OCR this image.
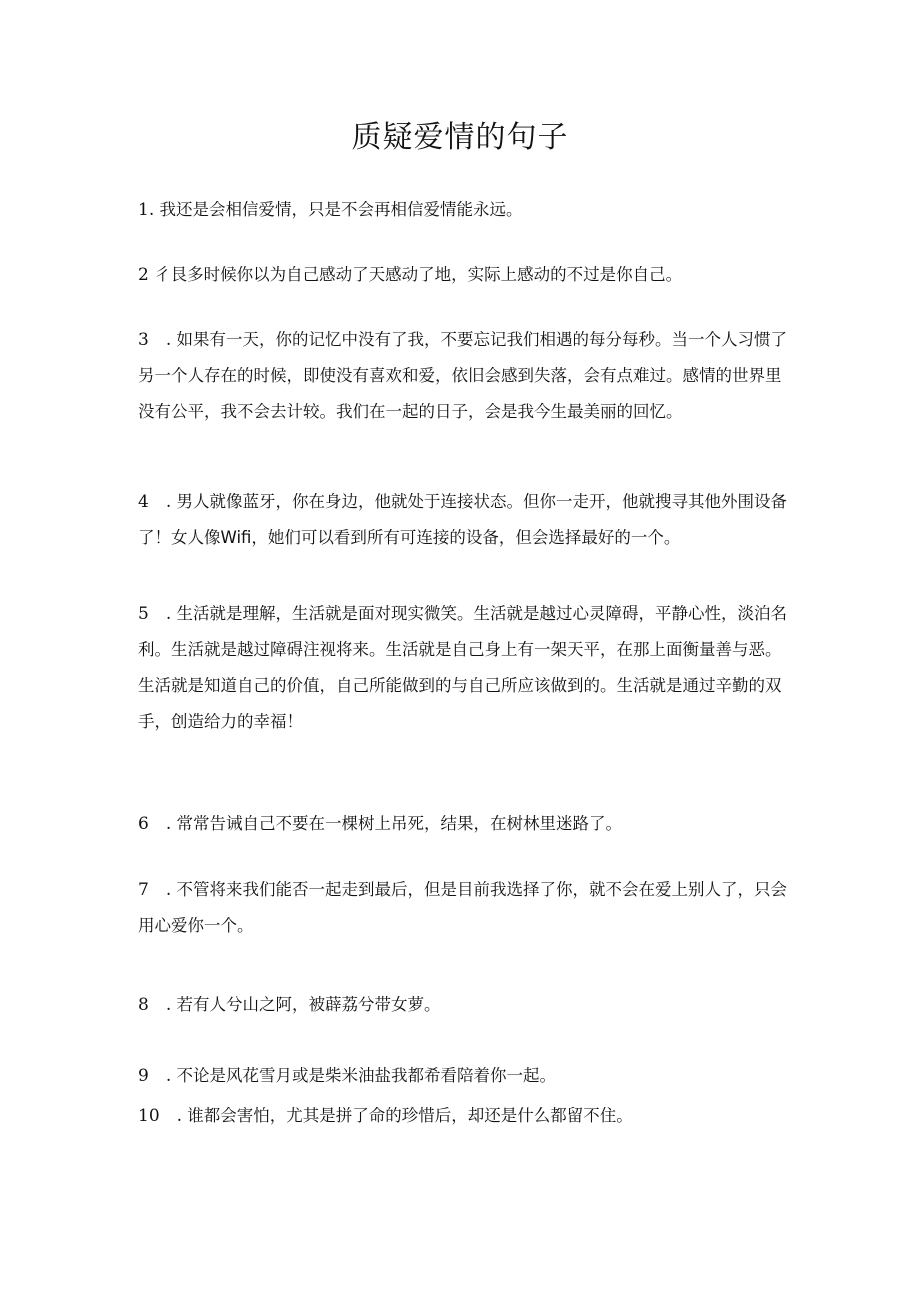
质疑爱情的句子

1. 我还是会相信爱情，只是不会再相信爱情能永远。

2 彳艮多时候你以为自己感动了天感动了地，实际上感动的不过是你自己。

3　. 如果有一天，你的记忆中没有了我，不要忘记我们相遇的每分每秒。当一个人习惯了另一个人存在的时候，即使没有喜欢和爱，依旧会感到失落，会有点难过。感情的世界里没有公平，我不会去计较。我们在一起的日子，会是我今生最美丽的回忆。

4　. 男人就像蓝牙，你在身边，他就处于连接状态。但你一走开，他就搜寻其他外围设备了！女人像Wifi，她们可以看到所有可连接的设备，但会选择最好的一个。

5　. 生活就是理解，生活就是面对现实微笑。生活就是越过心灵障碍，平静心性，淡泊名利。生活就是越过障碍注视将来。生活就是自己身上有一架天平，在那上面衡量善与恶。生活就是知道自己的价值，自己所能做到的与自己所应该做到的。生活就是通过辛勤的双手，创造给力的幸福！

6　. 常常告诫自己不要在一棵树上吊死，结果，在树林里迷路了。

7　. 不管将来我们能否一起走到最后，但是目前我选择了你，就不会在爱上别人了，只会用心爱你一个。

8　. 若有人兮山之阿，被薜荔兮带女萝。

9　. 不论是风花雪月或是柴米油盐我都希看陪着你一起。

10　. 谁都会害怕，尤其是拼了命的珍惜后，却还是什么都留不住。
